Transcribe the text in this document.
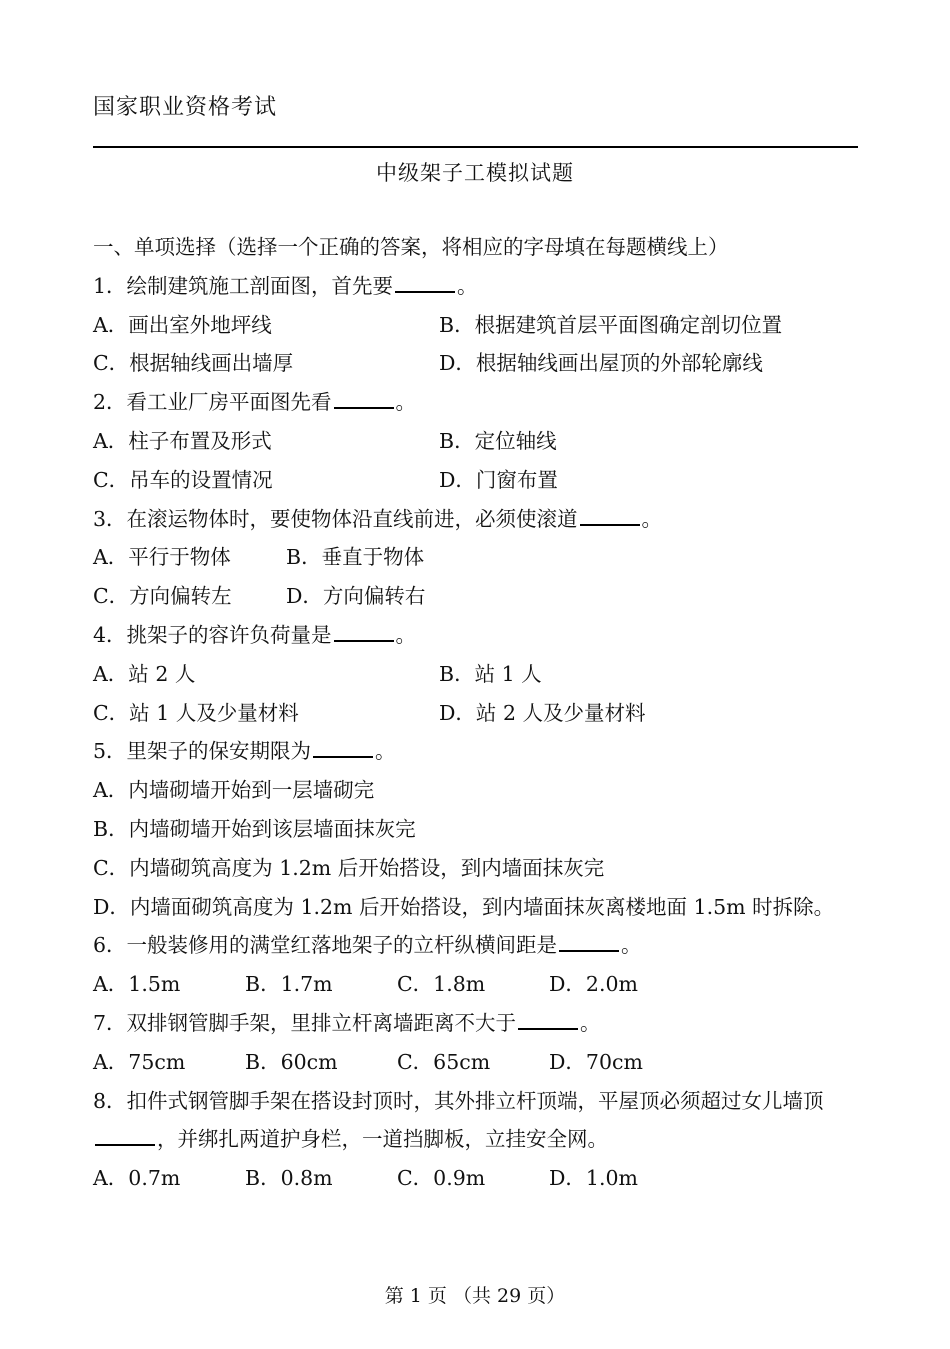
国家职业资格考试
中级架子工模拟试题
一、单项选择（选择一个正确的答案，将相应的字母填在每题横线上）
1．绘制建筑施工剖面图，首先要	。
A．画出室外地坪线	B．根据建筑首层平面图确定剖切位置
C．根据轴线画出墙厚	D．根据轴线画出屋顶的外部轮廓线
2．看工业厂房平面图先看	。
A．柱子布置及形式	B．定位轴线
C．吊车的设置情况	D．门窗布置
3．在滚运物体时，要使物体沿直线前进，必须使滚道	。
A．平行于物体	B．垂直于物体
C．方向偏转左	D．方向偏转右
4．挑架子的容许负荷量是	。
A．站 2 人	B．站 1 人
C．站 1 人及少量材料	D．站 2 人及少量材料
5．里架子的保安期限为	。
A．内墙砌墙开始到一层墙砌完
B．内墙砌墙开始到该层墙面抹灰完
C．内墙砌筑高度为 1.2m 后开始搭设，到内墙面抹灰完
D．内墙面砌筑高度为 1.2m 后开始搭设，到内墙面抹灰离楼地面 1.5m 时拆除。
6．一般装修用的满堂红落地架子的立杆纵横间距是	。
A．1.5m	B．1.7m	C．1.8m	D．2.0m
7．双排钢管脚手架，里排立杆离墙距离不大于	。
A．75cm	B．60cm	C．65cm	D．70cm
8．扣件式钢管脚手架在搭设封顶时，其外排立杆顶端，平屋顶必须超过女儿墙顶，并绑扎两道护身栏，一道挡脚板，立挂安全网。
A．0.7m	B．0.8m	C．0.9m	D．1.0m
第 1 页 （共 29 页）
